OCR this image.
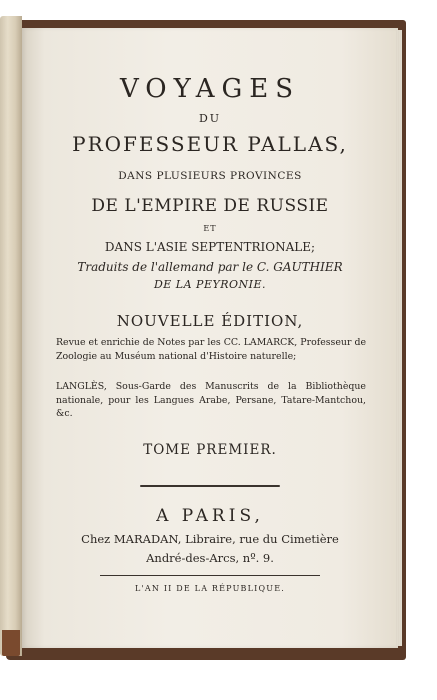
VOYAGES
DU
PROFESSEUR PALLAS,
DANS PLUSIEURS PROVINCES
DE L'EMPIRE DE RUSSIE
ET
DANS L'ASIE SEPTENTRIONALE;
Traduits de l'allemand par le C. GAUTHIER
DE LA PEYRONIE.
NOUVELLE ÉDITION,
Revue et enrichie de Notes par les CC. LAMARCK, Professeur de Zoologie au Muséum national d'Histoire naturelle;
LANGLÈS, Sous-Garde des Manuscrits de la Bibliothèque nationale, pour les Langues Arabe, Persane, Tatare-Mantchou, &c.
TOME PREMIER.
A PARIS,
Chez MARADAN, Libraire, rue du Cimetière
André-des-Arcs, nº. 9.
L'AN II DE LA RÉPUBLIQUE.
